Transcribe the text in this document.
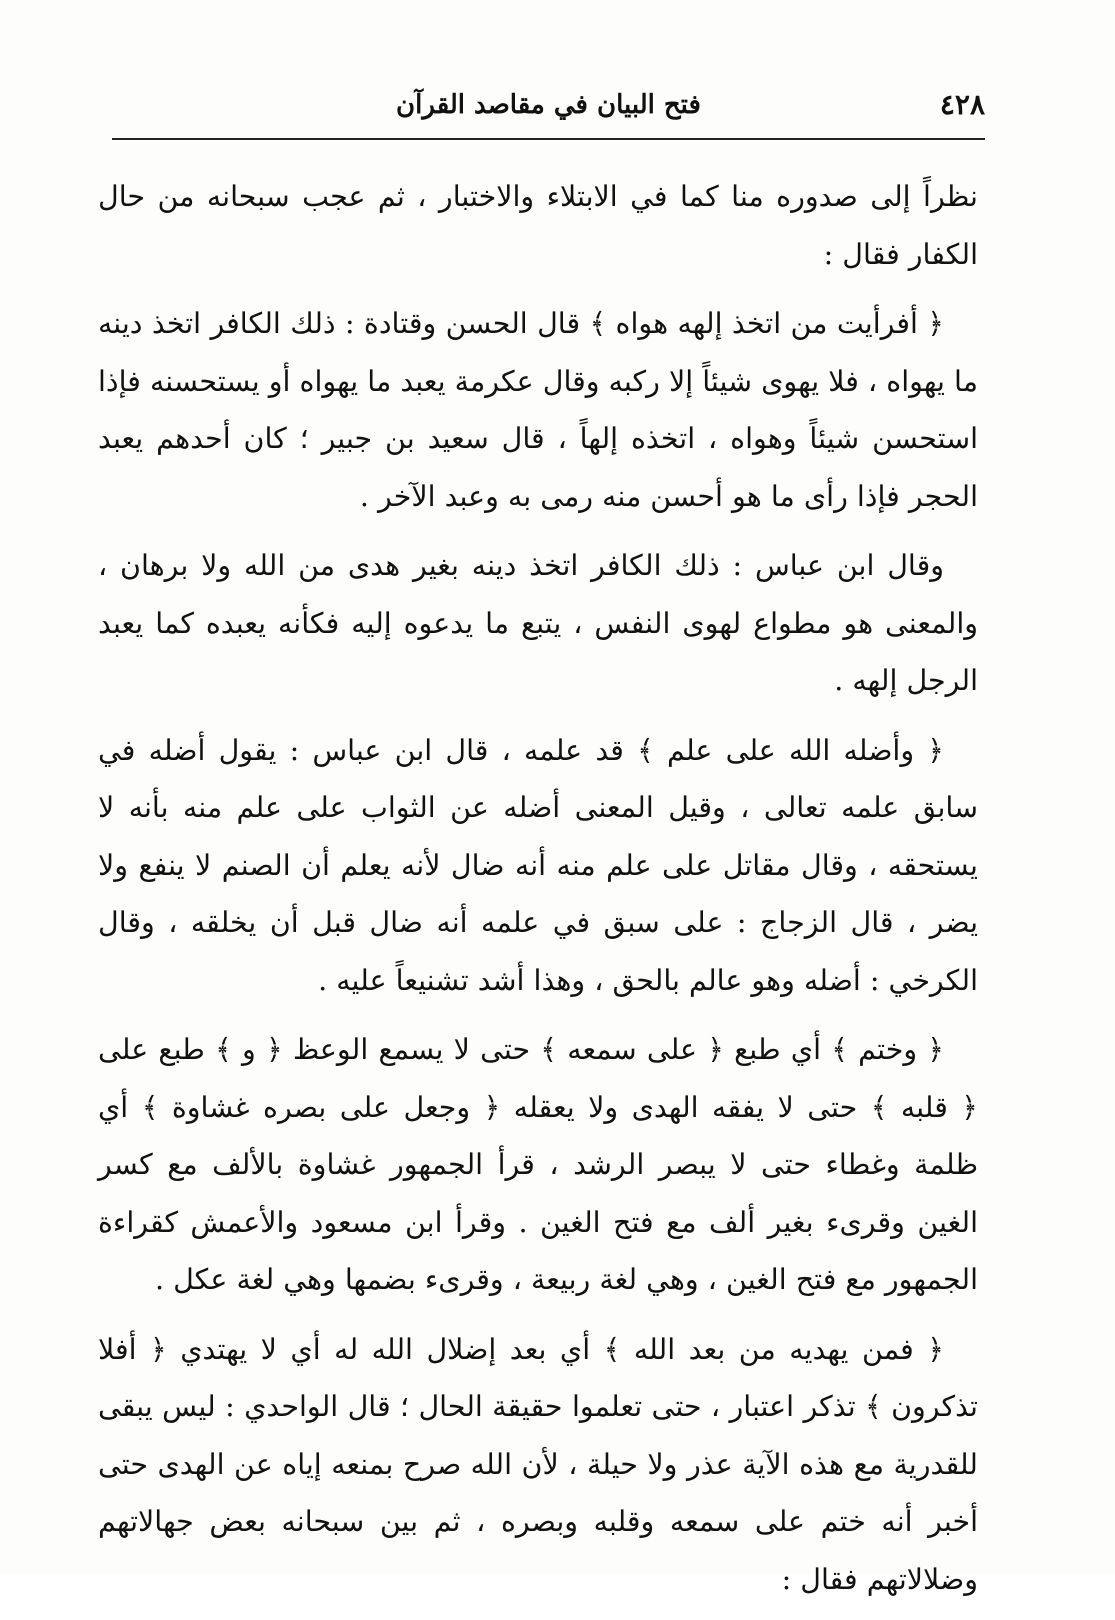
٤٢٨
فتح البيان في مقاصد القرآن

نظراً إلى صدوره منا كما في الابتلاء والاختبار ، ثم عجب سبحانه من حال الكفار فقال :

﴿ أفرأيت من اتخذ إلهه هواه ﴾ قال الحسن وقتادة : ذلك الكافر اتخذ دينه ما يهواه ، فلا يهوى شيئاً إلا ركبه وقال عكرمة يعبد ما يهواه أو يستحسنه فإذا استحسن شيئاً وهواه ، اتخذه إلهاً ، قال سعيد بن جبير ؛ كان أحدهم يعبد الحجر فإذا رأى ما هو أحسن منه رمى به وعبد الآخر .

وقال ابن عباس : ذلك الكافر اتخذ دينه بغير هدى من الله ولا برهان ، والمعنى هو مطواع لهوى النفس ، يتبع ما يدعوه إليه فكأنه يعبده كما يعبد الرجل إلهه .

﴿ وأضله الله على علم ﴾ قد علمه ، قال ابن عباس : يقول أضله في سابق علمه تعالى ، وقيل المعنى أضله عن الثواب على علم منه بأنه لا يستحقه ، وقال مقاتل على علم منه أنه ضال لأنه يعلم أن الصنم لا ينفع ولا يضر ، قال الزجاج : على سبق في علمه أنه ضال قبل أن يخلقه ، وقال الكرخي : أضله وهو عالم بالحق ، وهذا أشد تشنيعاً عليه .

﴿ وختم ﴾ أي طبع ﴿ على سمعه ﴾ حتى لا يسمع الوعظ ﴿ و ﴾ طبع على ﴿ قلبه ﴾ حتى لا يفقه الهدى ولا يعقله ﴿ وجعل على بصره غشاوة ﴾ أي ظلمة وغطاء حتى لا يبصر الرشد ، قرأ الجمهور غشاوة بالألف مع كسر الغين وقرىء بغير ألف مع فتح الغين . وقرأ ابن مسعود والأعمش كقراءة الجمهور مع فتح الغين ، وهي لغة ربيعة ، وقرىء بضمها وهي لغة عكل .

﴿ فمن يهديه من بعد الله ﴾ أي بعد إضلال الله له أي لا يهتدي ﴿ أفلا تذكرون ﴾ تذكر اعتبار ، حتى تعلموا حقيقة الحال ؛ قال الواحدي : ليس يبقى للقدرية مع هذه الآية عذر ولا حيلة ، لأن الله صرح بمنعه إياه عن الهدى حتى أخبر أنه ختم على سمعه وقلبه وبصره ، ثم بين سبحانه بعض جهالاتهم وضلالاتهم فقال :
